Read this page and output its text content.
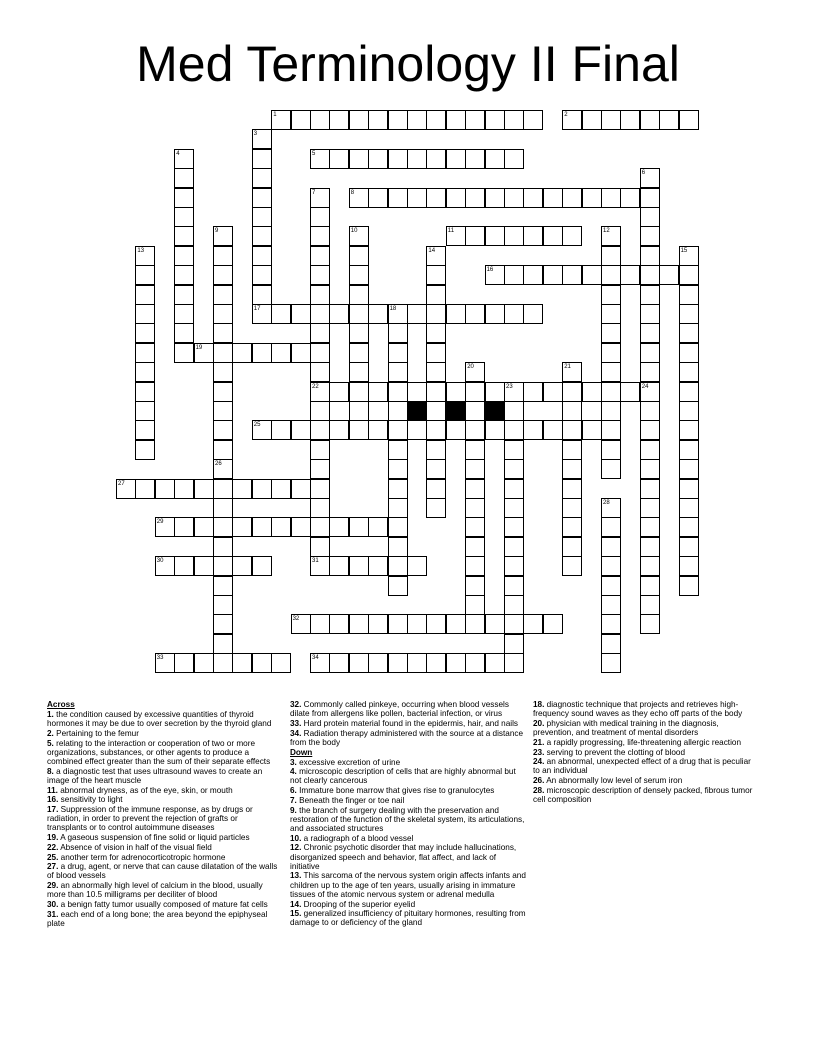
Med Terminology II Final
1	2
3
4	5
6
7	8
9	10	11	12
13	14	15
16
17	18
19
20	21
22	23	24
25
26
27
28
29
30	31
32
33	34
Across

1. the condition caused by excessive quantities of thyroid hormones it may be due to over secretion by the thyroid gland

2. Pertaining to the femur

5. relating to the interaction or cooperation of two or more organizations, substances, or other agents to produce a combined effect greater than the sum of their separate effects

8. a diagnostic test that uses ultrasound waves to create an image of the heart muscle

11. abnormal dryness, as of the eye, skin, or mouth

16. sensitivity to light

17. Suppression of the immune response, as by drugs or radiation, in order to prevent the rejection of grafts or transplants or to control autoimmune diseases

19. A gaseous suspension of fine solid or liquid particles

22. Absence of vision in half of the visual field

25. another term for adrenocorticotropic hormone

27. a drug, agent, or nerve that can cause dilatation of the walls of blood vessels

29. an abnormally high level of calcium in the blood, usually more than 10.5 milligrams per deciliter of blood

30. a benign fatty tumor usually composed of mature fat cells

31. each end of a long bone; the area beyond the epiphyseal plate

32. Commonly called pinkeye, occurring when blood vessels dilate from allergens like pollen, bacterial infection, or virus

33. Hard protein material found in the epidermis, hair, and nails

34. Radiation therapy administered with the source at a distance from the body

Down

3. excessive excretion of urine

4. microscopic description of cells that are highly abnormal but not clearly cancerous

6. Immature bone marrow that gives rise to granulocytes

7. Beneath the finger or toe nail

9. the branch of surgery dealing with the preservation and restoration of the function of the skeletal system, its articulations, and associated structures

10. a radiograph of a blood vessel

12. Chronic psychotic disorder that may include hallucinations, disorganized speech and behavior, flat affect, and lack of initiative

13. This sarcoma of the nervous system origin affects infants and children up to the age of ten years, usually arising in immature tissues of the atomic nervous system or adrenal medulla

14. Drooping of the superior eyelid

15. generalized insufficiency of pituitary hormones, resulting from damage to or deficiency of the gland

18. diagnostic technique that projects and retrieves high-frequency sound waves as they echo off parts of the body

20. physician with medical training in the diagnosis, prevention, and treatment of mental disorders

21. a rapidly progressing, life-threatening allergic reaction

23. serving to prevent the clotting of blood

24. an abnormal, unexpected effect of a drug that is peculiar to an individual

26. An abnormally low level of serum iron

28. microscopic description of densely packed, fibrous tumor cell composition
